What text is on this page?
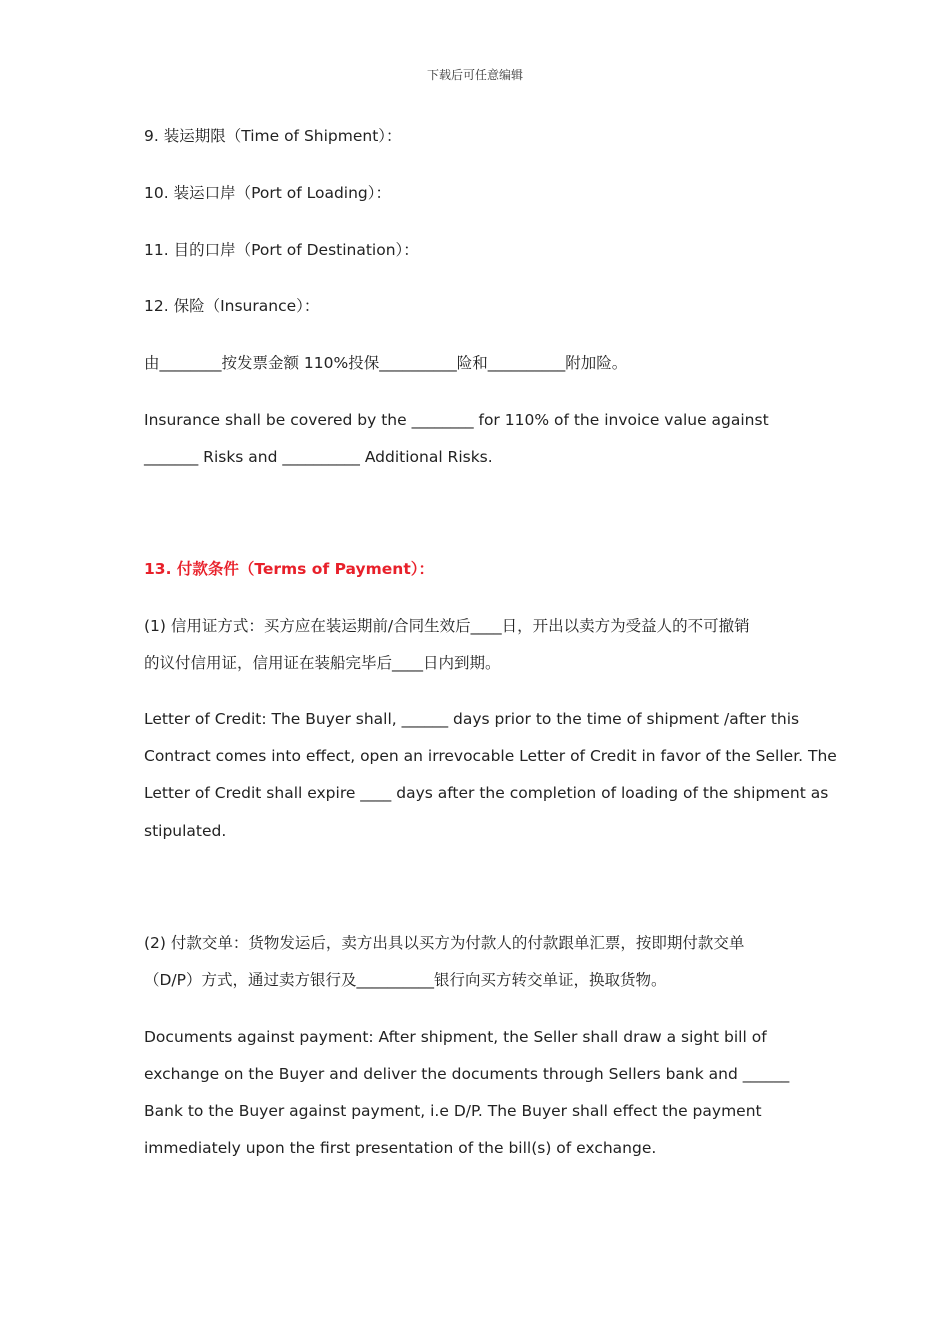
下载后可任意编辑
9. 装运期限（Time of Shipment）：
10. 装运口岸（Port of Loading）：
11. 目的口岸（Port of Destination）：
12. 保险（Insurance）：
由________按发票金额 110%投保__________险和__________附加险。
Insurance shall be covered by the ________ for 110% of the invoice value against
_______ Risks and __________ Additional Risks.
13. 付款条件（Terms of Payment）：
(1) 信用证方式：买方应在装运期前/合同生效后____日，开出以卖方为受益人的不可撤销
的议付信用证，信用证在装船完毕后____日内到期。
Letter of Credit: The Buyer shall, ______ days prior to the time of shipment /after this
Contract comes into effect, open an irrevocable Letter of Credit in favor of the Seller. The
Letter of Credit shall expire ____ days after the completion of loading of the shipment as
stipulated.
(2) 付款交单：货物发运后，卖方出具以买方为付款人的付款跟单汇票，按即期付款交单
（D/P）方式，通过卖方银行及__________银行向买方转交单证，换取货物。
Documents against payment: After shipment, the Seller shall draw a sight bill of
exchange on the Buyer and deliver the documents through Sellers bank and ______
Bank to the Buyer against payment, i.e D/P. The Buyer shall effect the payment
immediately upon the first presentation of the bill(s) of exchange.
